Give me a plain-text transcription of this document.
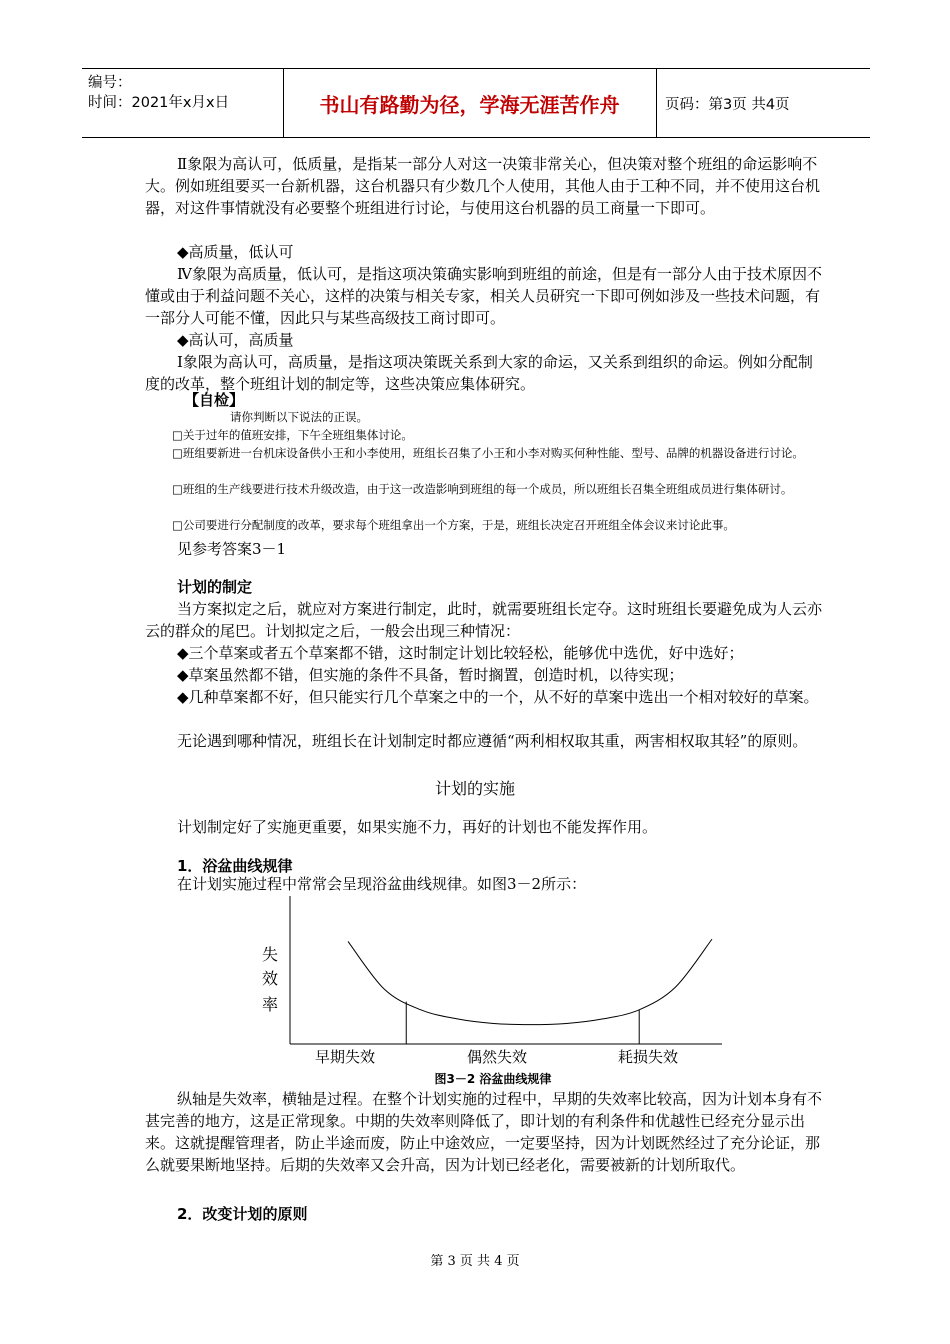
编号：
时间：2021年x月x日	书山有路勤为径，学海无涯苦作舟	页码：第3页 共4页

Ⅱ象限为高认可，低质量，是指某一部分人对这一决策非常关心，但决策对整个班组的命运影响不大。例如班组要买一台新机器，这台机器只有少数几个人使用，其他人由于工种不同，并不使用这台机器，对这件事情就没有必要整个班组进行讨论，与使用这台机器的员工商量一下即可。

◆高质量，低认可

Ⅳ象限为高质量，低认可，是指这项决策确实影响到班组的前途，但是有一部分人由于技术原因不懂或由于利益问题不关心，这样的决策与相关专家，相关人员研究一下即可例如涉及一些技术问题，有一部分人可能不懂，因此只与某些高级技工商讨即可。

◆高认可，高质量

Ⅰ象限为高认可，高质量，是指这项决策既关系到大家的命运，又关系到组织的命运。例如分配制度的改革，整个班组计划的制定等，这些决策应集体研究。

【自检】
请你判断以下说法的正误。
□关于过年的值班安排，下午全班组集体讨论。
□班组要新进一台机床设备供小王和小李使用，班组长召集了小王和小李对购买何种性能、型号、品牌的机器设备进行讨论。
□班组的生产线要进行技术升级改造，由于这一改造影响到班组的每一个成员，所以班组长召集全班组成员进行集体研讨。
□公司要进行分配制度的改革，要求每个班组拿出一个方案，于是，班组长决定召开班组全体会议来讨论此事。

见参考答案3－1

计划的制定

当方案拟定之后，就应对方案进行制定，此时，就需要班组长定夺。这时班组长要避免成为人云亦云的群众的尾巴。计划拟定之后，一般会出现三种情况：

◆三个草案或者五个草案都不错，这时制定计划比较轻松，能够优中选优，好中选好；

◆草案虽然都不错，但实施的条件不具备，暂时搁置，创造时机，以待实现；

◆几种草案都不好，但只能实行几个草案之中的一个，从不好的草案中选出一个相对较好的草案。

无论遇到哪种情况，班组长在计划制定时都应遵循“两利相权取其重，两害相权取其轻”的原则。

计划的实施

计划制定好了实施更重要，如果实施不力，再好的计划也不能发挥作用。

1．浴盆曲线规律

在计划实施过程中常常会呈现浴盆曲线规律。如图3－2所示：

失
效
率
早期失效	偶然失效	耗损失效
图3－2 浴盆曲线规律

纵轴是失效率，横轴是过程。在整个计划实施的过程中，早期的失效率比较高，因为计划本身有不甚完善的地方，这是正常现象。中期的失效率则降低了，即计划的有利条件和优越性已经充分显示出来。这就提醒管理者，防止半途而废，防止中途效应，一定要坚持，因为计划既然经过了充分论证，那么就要果断地坚持。后期的失效率又会升高，因为计划已经老化，需要被新的计划所取代。

2．改变计划的原则
第 3 页 共 4 页
